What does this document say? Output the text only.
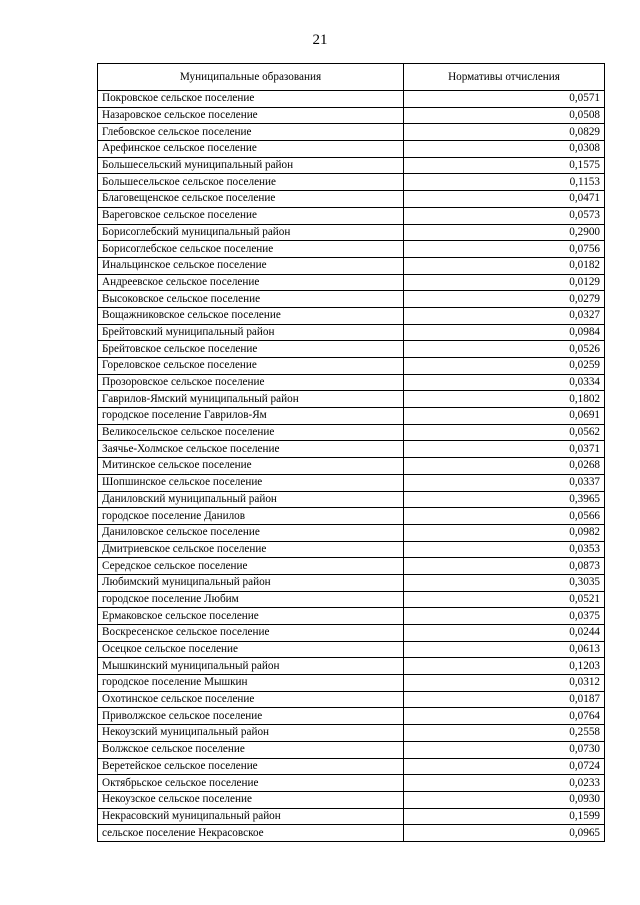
21
Муниципальные образования	Нормативы отчисления
Покровское сельское поселение	0,0571
Назаровское сельское поселение	0,0508
Глебовское сельское поселение	0,0829
Арефинское сельское поселение	0,0308
Большесельский муниципальный район	0,1575
Большесельское сельское поселение	0,1153
Благовещенское сельское поселение	0,0471
Вареговское сельское поселение	0,0573
Борисоглебский муниципальный район	0,2900
Борисоглебское сельское поселение	0,0756
Инальцинское сельское поселение	0,0182
Андреевское сельское поселение	0,0129
Высоковское сельское поселение	0,0279
Вощажниковское сельское поселение	0,0327
Брейтовский муниципальный район	0,0984
Брейтовское сельское поселение	0,0526
Гореловское сельское поселение	0,0259
Прозоровское сельское поселение	0,0334
Гаврилов-Ямский муниципальный район	0,1802
городское поселение Гаврилов-Ям	0,0691
Великосельское сельское поселение	0,0562
Заячье-Холмское сельское поселение	0,0371
Митинское сельское поселение	0,0268
Шопшинское сельское поселение	0,0337
Даниловский муниципальный район	0,3965
городское поселение Данилов	0,0566
Даниловское сельское поселение	0,0982
Дмитриевское сельское поселение	0,0353
Середское сельское поселение	0,0873
Любимский муниципальный район	0,3035
городское поселение Любим	0,0521
Ермаковское сельское поселение	0,0375
Воскресенское сельское поселение	0,0244
Осецкое сельское поселение	0,0613
Мышкинский муниципальный район	0,1203
городское поселение Мышкин	0,0312
Охотинское сельское поселение	0,0187
Приволжское сельское поселение	0,0764
Некоузский муниципальный район	0,2558
Волжское сельское поселение	0,0730
Веретейское сельское поселение	0,0724
Октябрьское сельское поселение	0,0233
Некоузское сельское поселение	0,0930
Некрасовский муниципальный район	0,1599
сельское поселение Некрасовское	0,0965
